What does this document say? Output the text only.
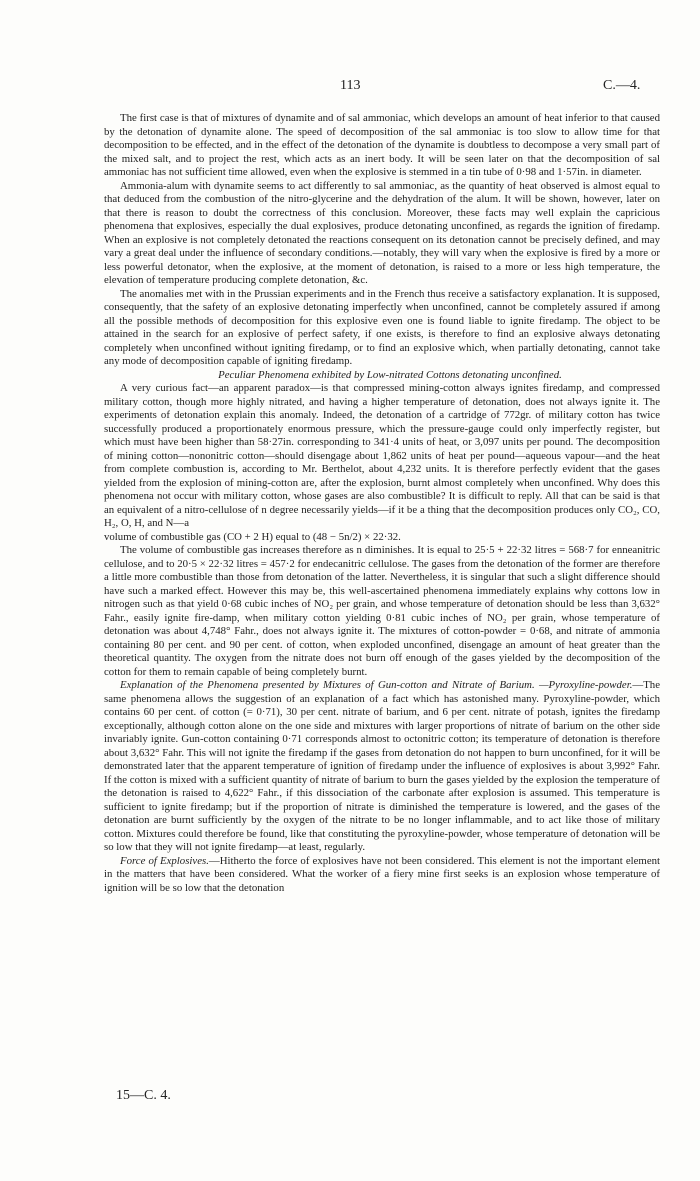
113	C.—4.

The first case is that of mixtures of dynamite and of sal ammoniac, which develops an amount of heat inferior to that caused by the detonation of dynamite alone. The speed of decomposition of the sal ammoniac is too slow to allow time for that decomposition to be effected, and in the effect of the detonation of the dynamite is doubtless to decompose a very small part of the mixed salt, and to project the rest, which acts as an inert body. It will be seen later on that the decomposition of sal ammoniac has not sufficient time allowed, even when the explosive is stemmed in a tin tube of 0·98 and 1·57in. in diameter.

Ammonia-alum with dynamite seems to act differently to sal ammoniac, as the quantity of heat observed is almost equal to that deduced from the combustion of the nitro-glycerine and the dehydration of the alum. It will be shown, however, later on that there is reason to doubt the correctness of this conclusion. Moreover, these facts may well explain the capricious phenomena that explosives, especially the dual explosives, produce detonating unconfined, as regards the ignition of firedamp. When an explosive is not completely detonated the reactions consequent on its detonation cannot be precisely defined, and may vary a great deal under the influence of secondary conditions.—notably, they will vary when the explosive is fired by a more or less powerful detonator, when the explosive, at the moment of detonation, is raised to a more or less high temperature, the elevation of temperature producing complete detonation, &c.

The anomalies met with in the Prussian experiments and in the French thus receive a satisfactory explanation. It is supposed, consequently, that the safety of an explosive detonating imperfectly when unconfined, cannot be completely assured if among all the possible methods of decomposition for this explosive even one is found liable to ignite firedamp. The object to be attained in the search for an explosive of perfect safety, if one exists, is therefore to find an explosive always detonating completely when unconfined without igniting firedamp, or to find an explosive which, when partially detonating, cannot take any mode of decomposition capable of igniting firedamp.

Peculiar Phenomena exhibited by Low-nitrated Cottons detonating unconfined.

A very curious fact—an apparent paradox—is that compressed mining-cotton always ignites firedamp, and compressed military cotton, though more highly nitrated, and having a higher temperature of detonation, does not always ignite it. The experiments of detonation explain this anomaly. Indeed, the detonation of a cartridge of 772gr. of military cotton has twice successfully produced a proportionately enormous pressure, which the pressure-gauge could only imperfectly register, but which must have been higher than 58·27in. corresponding to 341·4 units of heat, or 3,097 units per pound. The decomposition of mining cotton—nononitric cotton—should disengage about 1,862 units of heat per pound—aqueous vapour—and the heat from complete combustion is, according to Mr. Berthelot, about 4,232 units. It is therefore perfectly evident that the gases yielded from the explosion of mining-cotton are, after the explosion, burnt almost completely when unconfined. Why does this phenomena not occur with military cotton, whose gases are also combustible? It is difficult to reply. All that can be said is that an equivalent of a nitro-cellulose of n degree necessarily yields—if it be a thing that the decomposition produces only CO₂, CO, H₂, O, H, and N—a

volume of combustible gas (CO + 2 H) equal to (48 − 5n/2) × 22·32.

The volume of combustible gas increases therefore as n diminishes. It is equal to 25·5 + 22·32 litres = 568·7 for enneanitric cellulose, and to 20·5 × 22·32 litres = 457·2 for endecanitric cellulose. The gases from the detonation of the former are therefore a little more combustible than those from detonation of the latter. Nevertheless, it is singular that such a slight difference should have such a marked effect. However this may be, this well-ascertained phenomena immediately explains why cottons low in nitrogen such as that yield 0·68 cubic inches of NO₂ per grain, and whose temperature of detonation should be less than 3,632° Fahr., easily ignite fire-damp, when military cotton yielding 0·81 cubic inches of NO₂ per grain, whose temperature of detonation was about 4,748° Fahr., does not always ignite it. The mixtures of cotton-powder = 0·68, and nitrate of ammonia containing 80 per cent. and 90 per cent. of cotton, when exploded unconfined, disengage an amount of heat greater than the theoretical quantity. The oxygen from the nitrate does not burn off enough of the gases yielded by the decomposition of the cotton for them to remain capable of being completely burnt.

Explanation of the Phenomena presented by Mixtures of Gun-cotton and Nitrate of Barium. —Pyroxyline-powder.—The same phenomena allows the suggestion of an explanation of a fact which has astonished many. Pyroxyline-powder, which contains 60 per cent. of cotton (= 0·71), 30 per cent. nitrate of barium, and 6 per cent. nitrate of potash, ignites the firedamp exceptionally, although cotton alone on the one side and mixtures with larger proportions of nitrate of barium on the other side invariably ignite. Gun-cotton containing 0·71 corresponds almost to octonitric cotton; its temperature of detonation is therefore about 3,632° Fahr. This will not ignite the firedamp if the gases from detonation do not happen to burn unconfined, for it will be demonstrated later that the apparent temperature of ignition of firedamp under the influence of explosives is about 3,992° Fahr. If the cotton is mixed with a sufficient quantity of nitrate of barium to burn the gases yielded by the explosion the temperature of the detonation is raised to 4,622° Fahr., if this dissociation of the carbonate after explosion is assumed. This temperature is sufficient to ignite firedamp; but if the proportion of nitrate is diminished the temperature is lowered, and the gases of the detonation are burnt sufficiently by the oxygen of the nitrate to be no longer inflammable, and to act like those of military cotton. Mixtures could therefore be found, like that constituting the pyroxyline-powder, whose temperature of detonation will be so low that they will not ignite firedamp—at least, regularly.

Force of Explosives.—Hitherto the force of explosives have not been considered. This element is not the important element in the matters that have been considered. What the worker of a fiery mine first seeks is an explosion whose temperature of ignition will be so low that the detonation

15—C. 4.
